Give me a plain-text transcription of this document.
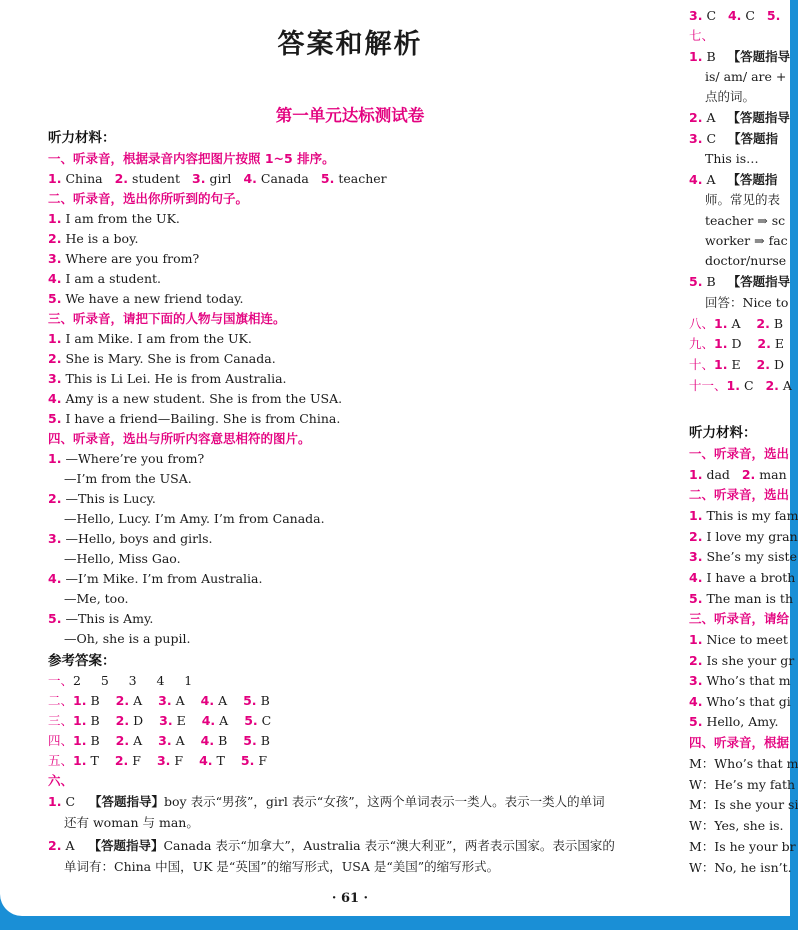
答案和解析
第一单元达标测试卷
听力材料：
一、听录音，根据录音内容把图片按照 1~5 排序。
1. China 2. student 3. girl 4. Canada 5. teacher
二、听录音，选出你所听到的句子。
1. I am from the UK.
2. He is a boy.
3. Where are you from?
4. I am a student.
5. We have a new friend today.
三、听录音，请把下面的人物与国旗相连。
1. I am Mike. I am from the UK.
2. She is Mary. She is from Canada.
3. This is Li Lei. He is from Australia.
4. Amy is a new student. She is from the USA.
5. I have a friend—Bailing. She is from China.
四、听录音，选出与所听内容意思相符的图片。
1. —Where’re you from?
—I’m from the USA.
2. —This is Lucy.
—Hello, Lucy. I’m Amy. I’m from Canada.
3. —Hello, boys and girls.
—Hello, Miss Gao.
4. —I’m Mike. I’m from Australia.
—Me, too.
5. —This is Amy.
—Oh, she is a pupil.
参考答案：
一、2     5     3     4     1
二、1. B 2. A 3. A 4. A 5. B
三、1. B 2. D 3. E 4. A 5. C
四、1. B 2. A 3. A 4. B 5. B
五、1. T 2. F 3. F 4. T 5. F
六、
1. C 【答题指导】boy 表示“男孩”，girl 表示“女孩”，这两个单词表示一类人。表示一类人的单词
还有 woman 与 man。
2. A 【答题指导】Canada 表示“加拿大”，Australia 表示“澳大利亚”，两者表示国家。表示国家的
单词有：China 中国，UK 是“英国”的缩写形式，USA 是“美国”的缩写形式。
3. C   4. C   5.
七、
1. B   【答题指导
is/ am/ are +
点的词。
2. A   【答题指导
3. C   【答题指
This is…
4. A   【答题指
师。常见的表
teacher ⇒ sc
worker ⇒ fac
doctor/nurse
5. B   【答题指导
回答：Nice to
八、1. A    2. B
九、1. D    2. E
十、1. E    2. D
十一、1. C   2. A
听力材料：
一、听录音，选出
1. dad   2. man
二、听录音，选出
1. This is my fam
2. I love my gran
3. She’s my siste
4. I have a broth
5. The man is th
三、听录音，请给
1. Nice to meet
2. Is she your gr
3. Who’s that m
4. Who’s that gi
5. Hello, Amy.
四、听录音，根据
M：Who’s that m
W：He’s my fath
M：Is she your si
W：Yes, she is.
M：Is he your br
W：No, he isn’t.
· 61 ·
